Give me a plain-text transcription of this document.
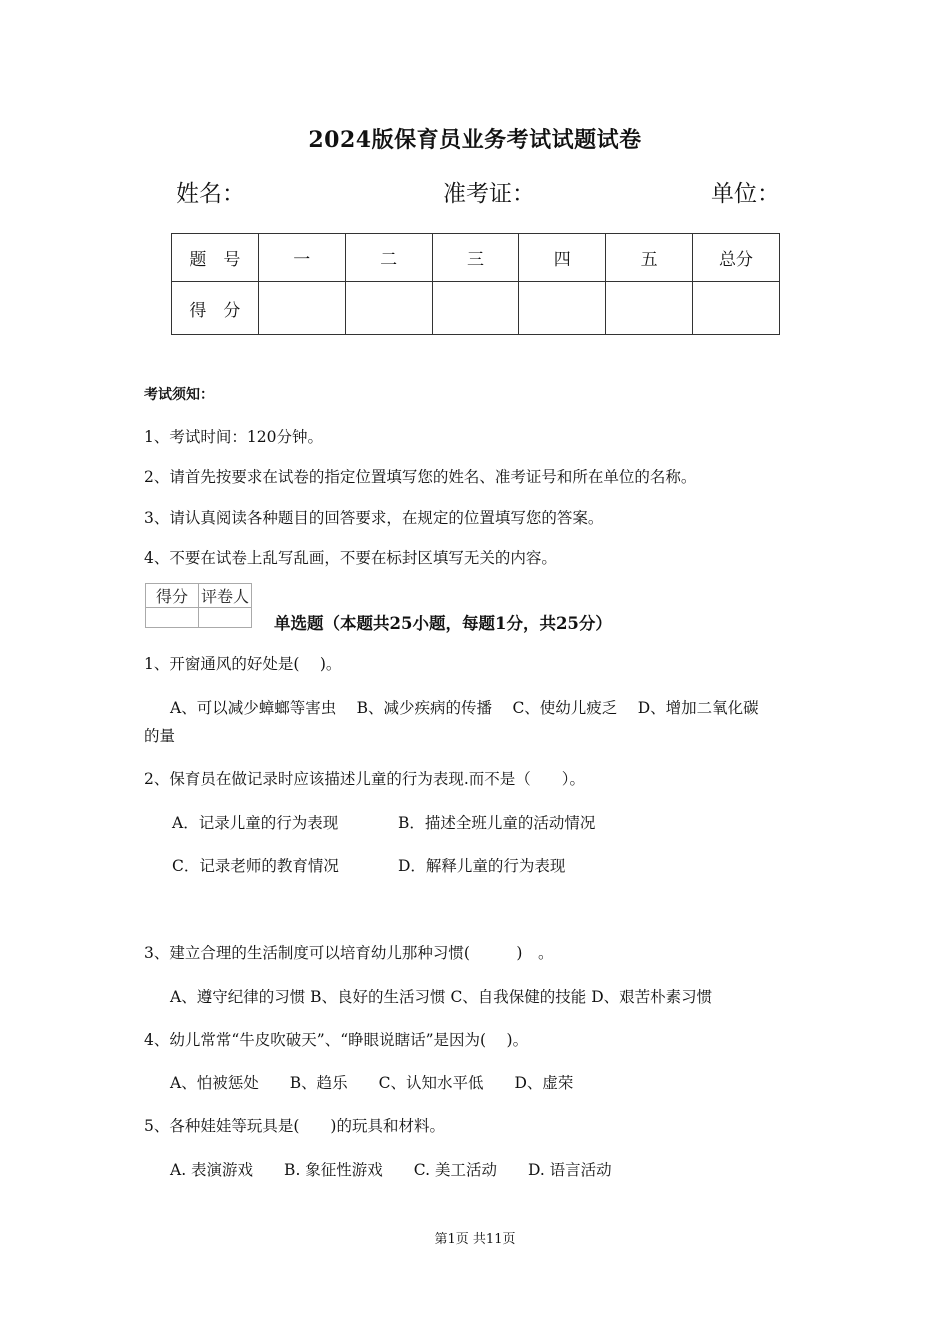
2024版保育员业务考试试题试卷
姓名：	准考证：	单位：
题　号	一	二	三	四	五	总分
得　分						
考试须知：
1、考试时间：120分钟。
2、请首先按要求在试卷的指定位置填写您的姓名、准考证号和所在单位的名称。
3、请认真阅读各种题目的回答要求，在规定的位置填写您的答案。
4、不要在试卷上乱写乱画，不要在标封区填写无关的内容。
得分	评卷人

单选题（本题共25小题，每题1分，共25分）
1、开窗通风的好处是(　 )。
A、可以减少蟑螂等害虫　 B、减少疾病的传播　 C、使幼儿疲乏　 D、增加二氧化碳
的量
2、保育员在做记录时应该描述儿童的行为表现.而不是（　　）。
A．记录儿童的行为表现	B．描述全班儿童的活动情况
C．记录老师的教育情况	D．解释儿童的行为表现
3、建立合理的生活制度可以培育幼儿那种习惯(　　　)　。
A、遵守纪律的习惯 B、良好的生活习惯 C、自我保健的技能 D、艰苦朴素习惯
4、幼儿常常“牛皮吹破天”、“睁眼说瞎话”是因为(　 )。
A、怕被惩处　　B、趋乐　　C、认知水平低　　D、虚荣
5、各种娃娃等玩具是(　　)的玩具和材料。
A. 表演游戏　　B. 象征性游戏　　C. 美工活动　　D. 语言活动
第1页 共11页
